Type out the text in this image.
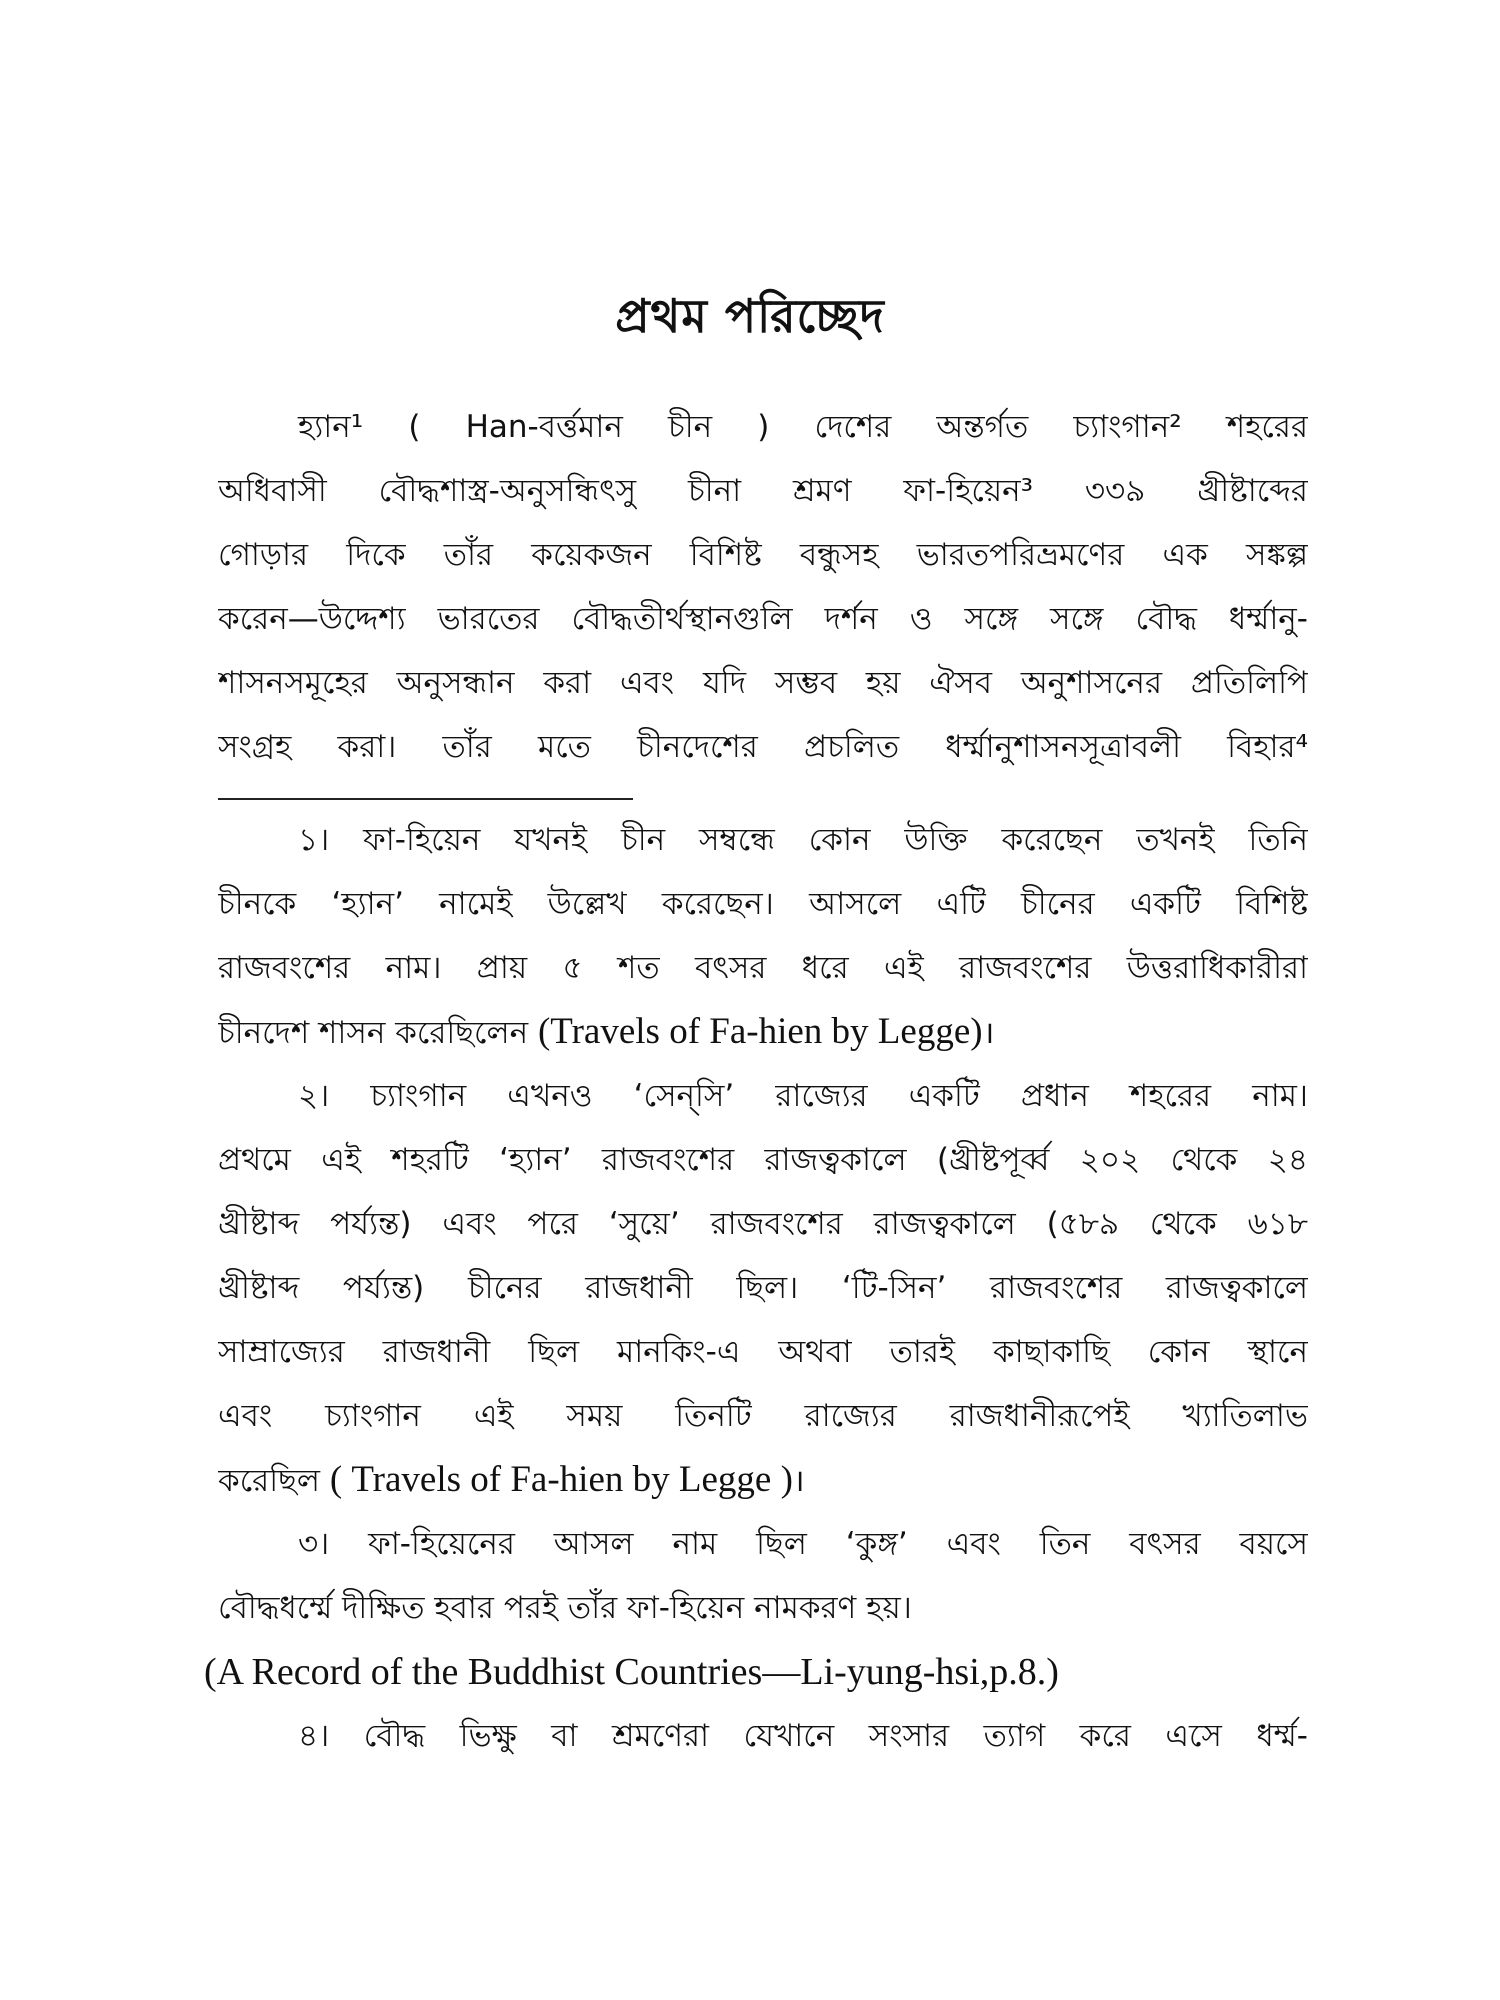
প্রথম পরিচ্ছেদ
হ্যান¹ ( Han-বর্ত্তমান চীন ) দেশের অন্তর্গত চ্যাংগান² শহরের
অধিবাসী বৌদ্ধশাস্ত্র-অনুসন্ধিৎসু চীনা শ্রমণ ফা-হিয়েন³ ৩৩৯ খ্রীষ্টাব্দের
গোড়ার দিকে তাঁর কয়েকজন বিশিষ্ট বন্ধুসহ ভারতপরিভ্রমণের এক সঙ্কল্প
করেন—উদ্দেশ্য ভারতের বৌদ্ধতীর্থস্থানগুলি দর্শন ও সঙ্গে সঙ্গে বৌদ্ধ ধর্ম্মানু-
শাসনসমূহের অনুসন্ধান করা এবং যদি সম্ভব হয় ঐসব অনুশাসনের প্রতিলিপি
সংগ্রহ করা। তাঁর মতে চীনদেশের প্রচলিত ধর্ম্মানুশাসনসূত্রাবলী বিহার⁴
১। ফা-হিয়েন যখনই চীন সম্বন্ধে কোন উক্তি করেছেন তখনই তিনি
চীনকে ‘হ্যান’ নামেই উল্লেখ করেছেন। আসলে এটি চীনের একটি বিশিষ্ট
রাজবংশের নাম। প্রায় ৫ শত বৎসর ধরে এই রাজবংশের উত্তরাধিকারীরা
চীনদেশ শাসন করেছিলেন (Travels of Fa-hien by Legge)।
২। চ্যাংগান এখনও ‘সেন্‌সি’ রাজ্যের একটি প্রধান শহরের নাম।
প্রথমে এই শহরটি ‘হ্যান’ রাজবংশের রাজত্বকালে (খ্রীষ্টপূর্ব্ব ২০২ থেকে ২৪
খ্রীষ্টাব্দ পর্য্যন্ত) এবং পরে ‘সুয়ে’ রাজবংশের রাজত্বকালে (৫৮৯ থেকে ৬১৮
খ্রীষ্টাব্দ পর্য্যন্ত) চীনের রাজধানী ছিল। ‘টি-সিন’ রাজবংশের রাজত্বকালে
সাম্রাজ্যের রাজধানী ছিল মানকিং-এ অথবা তারই কাছাকাছি কোন স্থানে
এবং চ্যাংগান এই সময় তিনটি রাজ্যের রাজধানীরূপেই খ্যাতিলাভ
করেছিল ( Travels of Fa-hien by Legge )।
৩। ফা-হিয়েনের আসল নাম ছিল ‘কুঙ্গ’ এবং তিন বৎসর বয়সে
বৌদ্ধধর্ম্মে দীক্ষিত হবার পরই তাঁর ফা-হিয়েন নামকরণ হয়।
(A Record of the Buddhist Countries—Li-yung-hsi,p.8.)
৪। বৌদ্ধ ভিক্ষু বা শ্রমণেরা যেখানে সংসার ত্যাগ করে এসে ধর্ম্ম-
